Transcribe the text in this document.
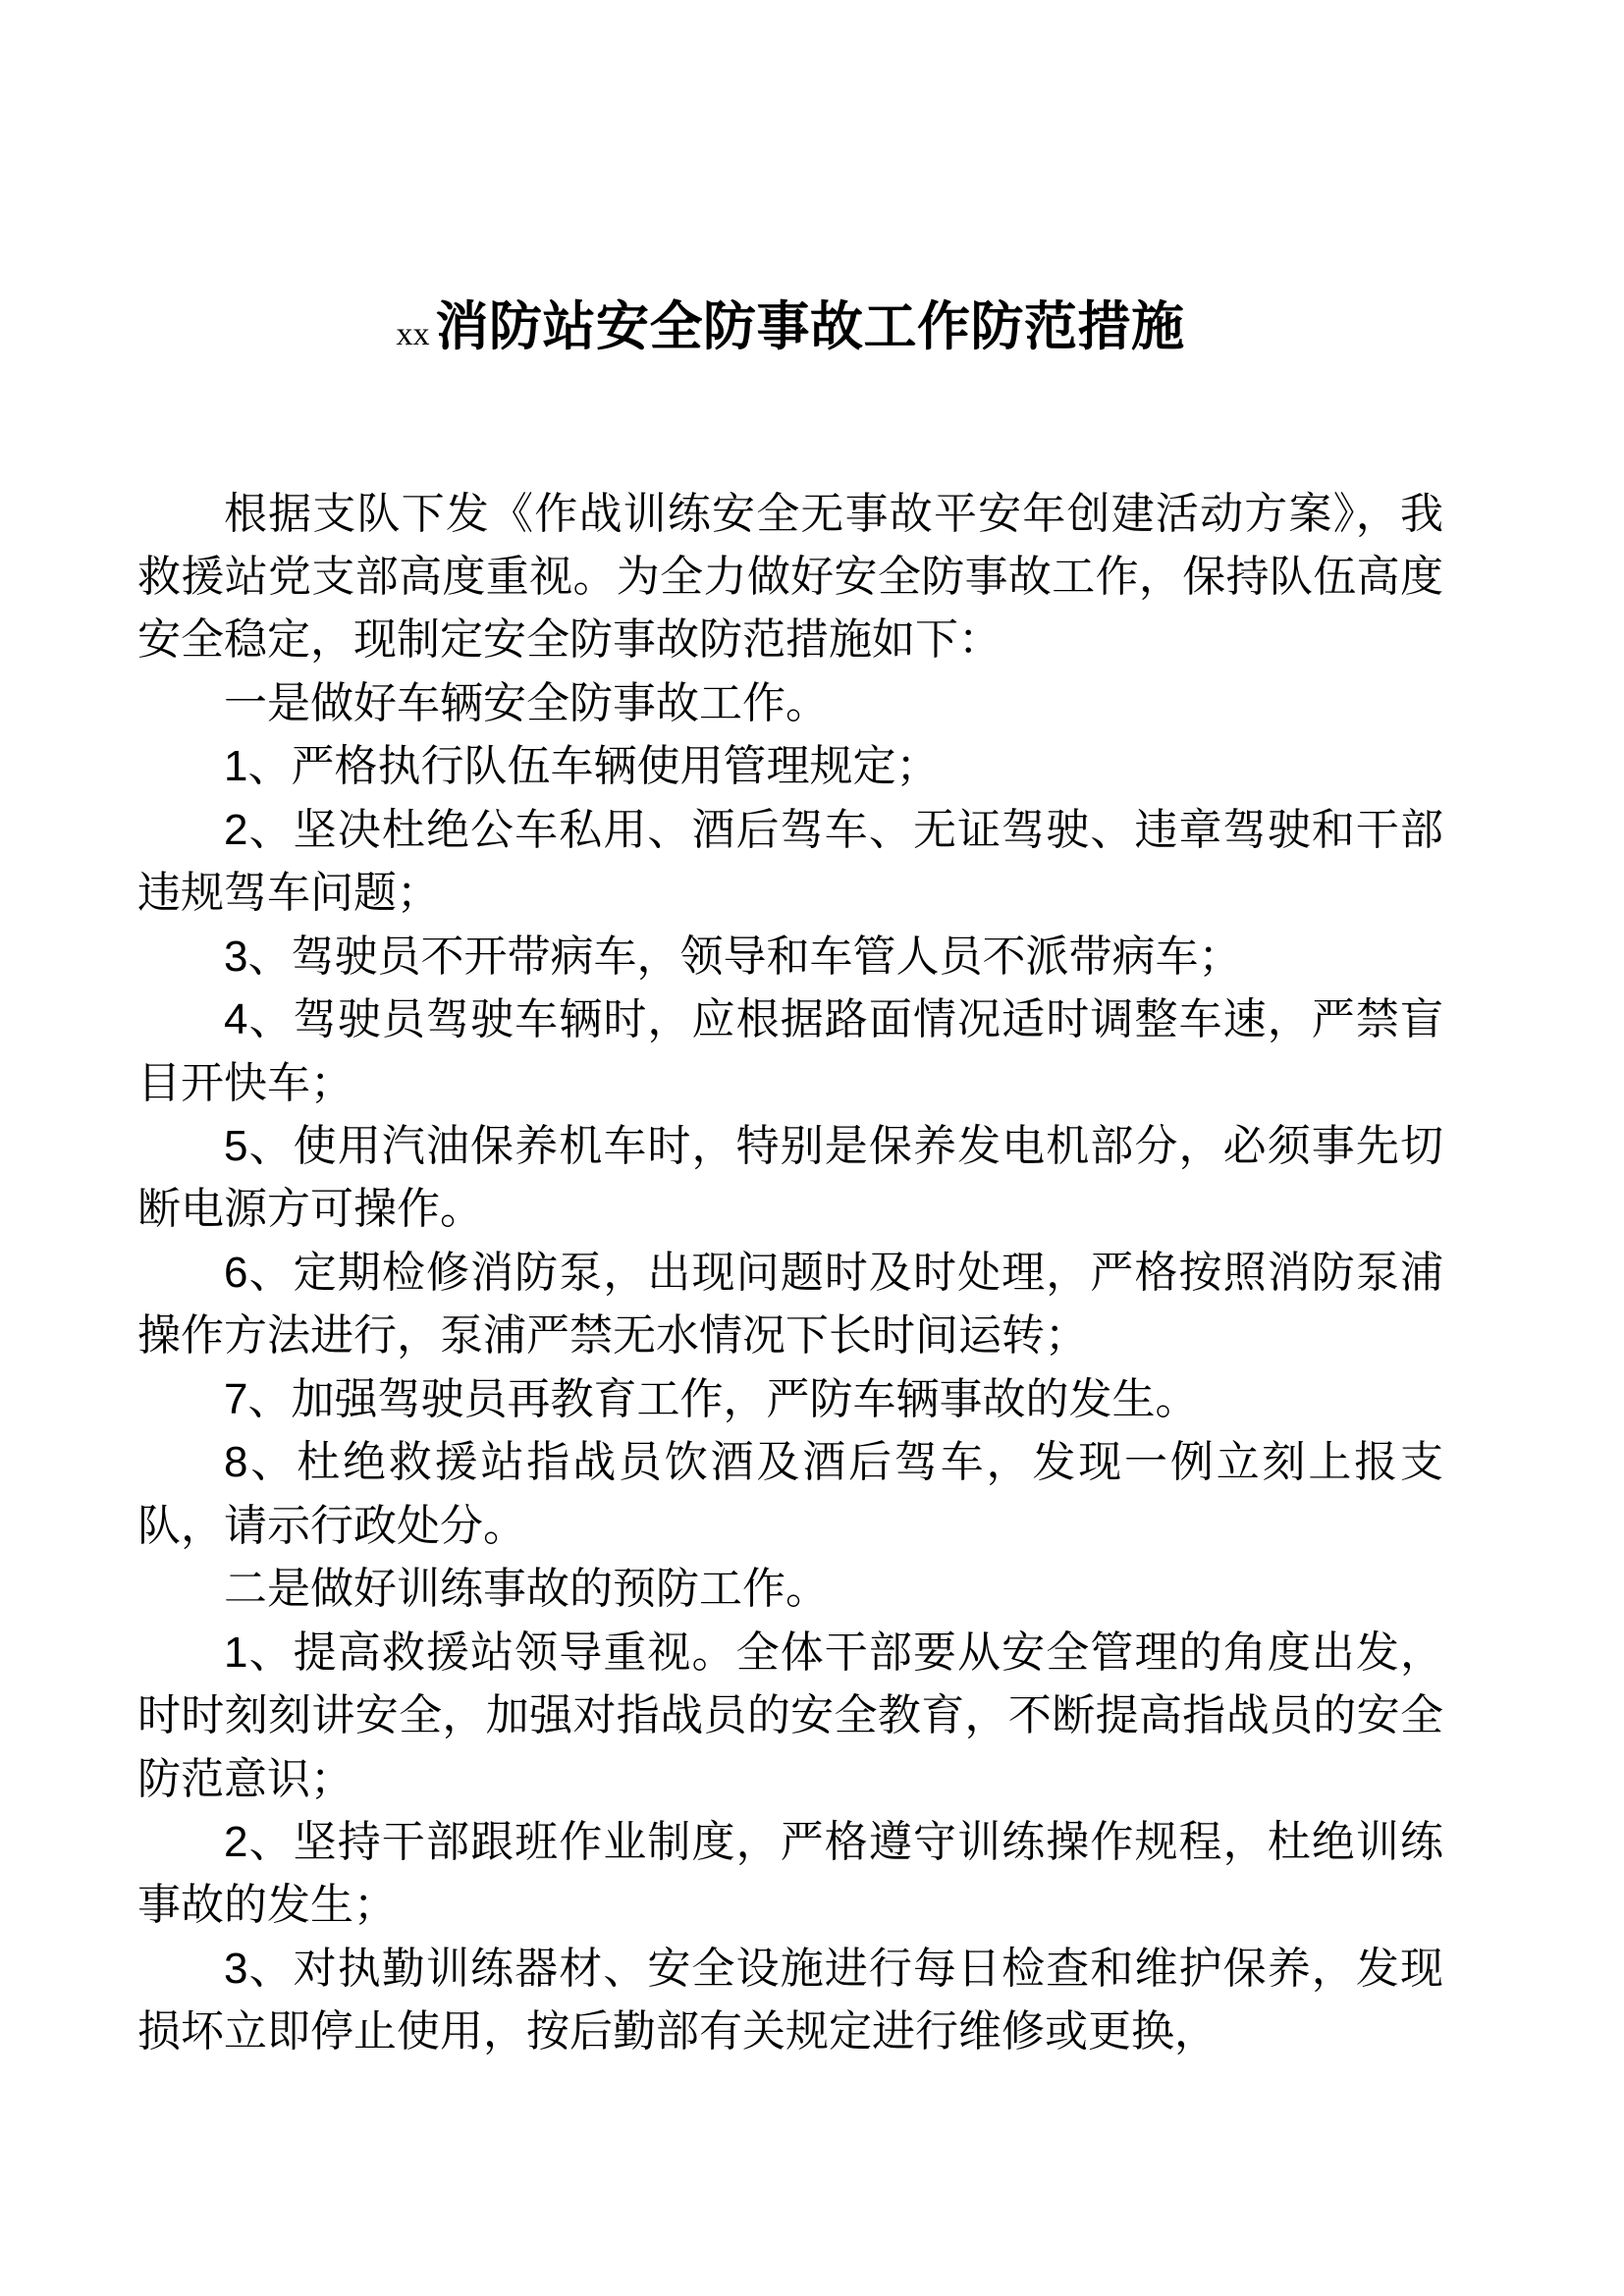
xx 消防站安全防事故工作防范措施

根据支队下发《作战训练安全无事故平安年创建活动方案》，我救援站党支部高度重视。为全力做好安全防事故工作，保持队伍高度安全稳定，现制定安全防事故防范措施如下：

一是做好车辆安全防事故工作。

1、严格执行队伍车辆使用管理规定；

2、坚决杜绝公车私用、酒后驾车、无证驾驶、违章驾驶和干部违规驾车问题；

3、驾驶员不开带病车，领导和车管人员不派带病车；

4、驾驶员驾驶车辆时，应根据路面情况适时调整车速，严禁盲目开快车；

5、使用汽油保养机车时，特别是保养发电机部分，必须事先切断电源方可操作。

6、定期检修消防泵，出现问题时及时处理，严格按照消防泵浦操作方法进行，泵浦严禁无水情况下长时间运转；

7、加强驾驶员再教育工作，严防车辆事故的发生。

8、杜绝救援站指战员饮酒及酒后驾车，发现一例立刻上报支队，请示行政处分。

二是做好训练事故的预防工作。

1、提高救援站领导重视。全体干部要从安全管理的角度出发，时时刻刻讲安全，加强对指战员的安全教育，不断提高指战员的安全防范意识；

2、坚持干部跟班作业制度，严格遵守训练操作规程，杜绝训练事故的发生；

3、对执勤训练器材、安全设施进行每日检查和维护保养，发现损坏立即停止使用，按后勤部有关规定进行维修或更换，
